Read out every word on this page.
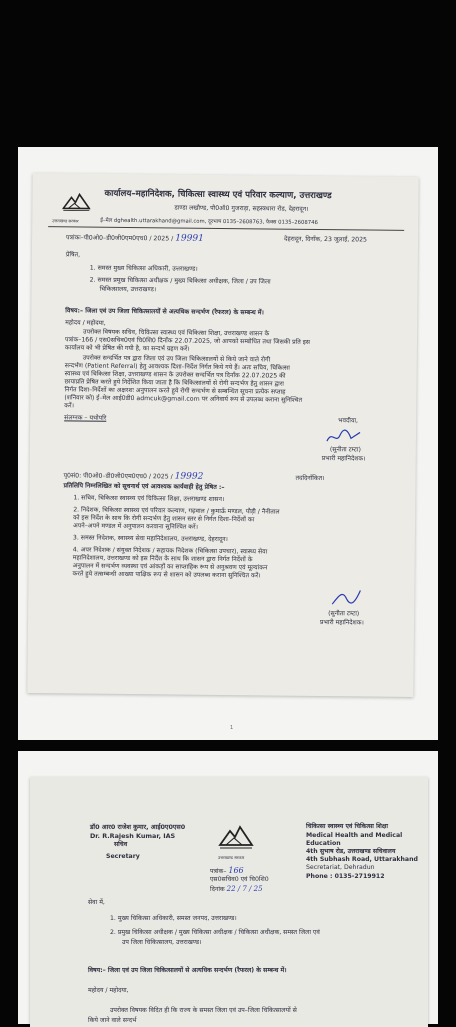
उत्तराखण्ड सरकार
कार्यालय–महानिदेशक, चिकित्सा स्वास्थ्य एवं परिवार कल्याण, उत्तराखण्ड
डाण्डा लखौण्ड, पौ0ऑ0 गुजराड़ा, सहस्त्रधारा रोड, देहरादून।
ई–मेल dghealth.uttarakhand@gmail.com, दूरभाष 0135–2608763, फैक्स 0135–2608746
पत्रांकः–पी0ओ0–डी0जी0एम0एच0 / 2025 / 19991	देहरादून, दिनाँक, 23 जुलाई, 2025
प्रेषित,
1. समस्त मुख्य चिकित्सा अधिकारी, उत्तराखण्ड।
2. समस्त प्रमुख चिकित्सा अधीक्षक / मुख्य चिकित्सा अधीक्षक, जिला / उप जिला
चिकित्सालय, उत्तराखण्ड।
विषय:– जिला एवं उप जिला चिकित्सालयों से अत्यधिक सन्दर्भण (रैफरल) के सम्बन्ध में।
महोदय / महोदया,
उपरोक्त विषयक सचिव, चिकित्सा स्वास्थ्य एवं चिकित्सा शिक्षा, उत्तराखण्ड शासन के
पत्रांक–166 / एस0सचिव0एवं चि0शि0 दिनाँक 22.07.2025, जो आपको सम्बोधित तथा जिसकी प्रति इस
कार्यालय को भी प्रेषित की गयी है, का सन्दर्भ ग्रहण करें।
उपरोक्त सन्दर्भित पत्र द्वारा जिला एवं उप जिला चिकित्सालयों से किये जाने वाले रोगी
सन्दर्भण (Patient Referral) हेतु आवश्यक दिशा–निर्देश निर्गत किये गये हैं। अतः सचिव, चिकित्सा
स्वास्थ्य एवं चिकित्सा शिक्षा, उत्तराखण्ड शासन के उपरोक्त सन्दर्भित पत्र दिनाँक 22.07.2025 की
छायाप्रति प्रेषित करते हुये निर्देशित किया जाता है कि चिकित्सालयों से रोगी सन्दर्भण हेतु शासन द्वारा
निर्गत दिशा–निर्देशों का अक्षरशः अनुपालन करते हुये रोगी सन्दर्भण से सम्बन्धित सूचना प्रत्येक सप्ताह
(शनिवार को) ई–मेल आई0डी0 admcuk@gmail.com पर अनिवार्य रूप से उपलब्ध कराना सुनिश्चित
करें।
संलग्नक – यथोपरि	भवदीया,
(सुनीता टम्टा)
प्रभारी महानिदेशक।
पृ0सं0: पी0ओ0–डी0जी0एम0एच0 / 2025 / 19992	तददिनाँकित।
प्रतिलिपि निम्नलिखित को सूचनार्थ एवं आवश्यक कार्यवाही हेतु प्रेषित :–
1. सचिव, चिकित्सा स्वास्थ्य एवं चिकित्सा शिक्षा, उत्तराखण्ड शासन।
2. निदेशक, चिकित्सा स्वास्थ्य एवं परिवार कल्याण, गढ़वाल / कुमाऊँ मण्डल, पौड़ी / नैनीताल
को इस निर्देश के साथ कि रोगी सन्दर्भण हेतु शासन स्तर से निर्गत दिशा–निर्देशों का
अपने–अपने मण्डल में अनुपालन करवाना सुनिश्चित करें।
3. समस्त निदेशक, स्वास्थ्य सेवा महानिदेशालय, उत्तराखण्ड, देहरादून।
4. अपर निदेशक / संयुक्त निदेशक / सहायक निदेशक (चिकित्सा उपचार), स्वास्थ्य सेवा
महानिदेशालय, उत्तराखण्ड को इस निर्देश के साथ कि शासन द्वारा निर्गत निर्देशों के
अनुपालन में सन्दर्भण व्यवस्था एवं आंकड़ों का साप्ताहिक रूप से अनुश्रवण एवं मूल्यांकन
करते हुये तत्सम्बन्धी आख्या पाक्षिक रूप से शासन को उपलब्ध कराना सुनिश्चित करें।
(सुनीता टम्टा)
प्रभारी महानिदेशक।
1
डॉ0 आर0 राजेश कुमार, आई0ए0एस0
Dr. R.Rajesh Kumar, IAS
सचिव
Secretary	उत्तराखण्ड सरकार
चिकित्सा स्वास्थ्य एवं चिकित्सा शिक्षा
Medical Health and Medical
Education
4th सुभाष रोड, उत्तराखण्ड सचिवालय
4th Subhash Road, Uttarakhand
Secretariat, Dehradun
Phone : 0135-2719912
पत्रांक– 166
एस0सचिव0 एवं चि0शि0
दिनांक 22 / 7 / 25
सेवा में,
1. मुख्य चिकित्सा अधिकारी, समस्त जनपद, उत्तराखण्ड।
2. प्रमुख चिकित्सा अधीक्षक / मुख्य चिकित्सा अधीक्षक / चिकित्सा अधीक्षक, समस्त जिला एवं
उप जिला चिकित्सालय, उत्तराखण्ड।
विषय:– जिला एवं उप जिला चिकित्सालयों से अत्यधिक सन्दर्भण (रैफरल) के सम्बन्ध में।
महोदय / महोदया,
उपरोक्त विषयक विदित ही कि राज्य के समस्त जिला एवं उप–जिला चिकित्सालयों से
किये जाने वाले सन्दर्भ
